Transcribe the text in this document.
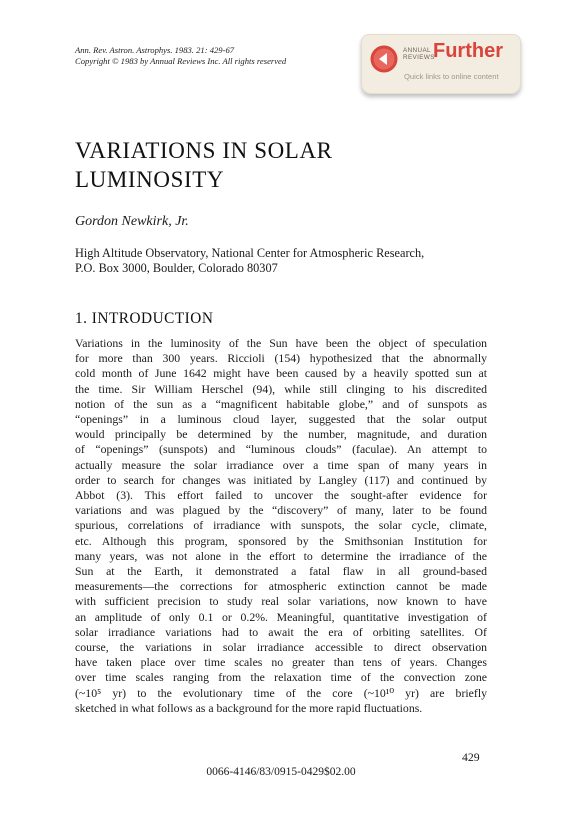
Ann. Rev. Astron. Astrophys. 1983. 21: 429-67
Copyright © 1983 by Annual Reviews Inc. All rights reserved
ANNUAL
REVIEWS
Further
Quick links to online content
VARIATIONS IN SOLAR
LUMINOSITY
Gordon Newkirk, Jr.
High Altitude Observatory, National Center for Atmospheric Research,
P.O. Box 3000, Boulder, Colorado 80307
1. INTRODUCTION
Variations in the luminosity of the Sun have been the object of speculation
for more than 300 years. Riccioli (154) hypothesized that the abnormally
cold month of June 1642 might have been caused by a heavily spotted sun at
the time. Sir William Herschel (94), while still clinging to his discredited
notion of the sun as a “magnificent habitable globe,” and of sunspots as
“openings” in a luminous cloud layer, suggested that the solar output
would principally be determined by the number, magnitude, and duration
of “openings” (sunspots) and “luminous clouds” (faculae). An attempt to
actually measure the solar irradiance over a time span of many years in
order to search for changes was initiated by Langley (117) and continued by
Abbot (3). This effort failed to uncover the sought-after evidence for
variations and was plagued by the “discovery” of many, later to be found
spurious, correlations of irradiance with sunspots, the solar cycle, climate,
etc. Although this program, sponsored by the Smithsonian Institution for
many years, was not alone in the effort to determine the irradiance of the
Sun at the Earth, it demonstrated a fatal flaw in all ground-based
measurements—the corrections for atmospheric extinction cannot be made
with sufficient precision to study real solar variations, now known to have
an amplitude of only 0.1 or 0.2%. Meaningful, quantitative investigation of
solar irradiance variations had to await the era of orbiting satellites. Of
course, the variations in solar irradiance accessible to direct observation
have taken place over time scales no greater than tens of years. Changes
over time scales ranging from the relaxation time of the convection zone
(~10⁵ yr) to the evolutionary time of the core (~10¹⁰ yr) are briefly
sketched in what follows as a background for the more rapid fluctuations.
429
0066-4146/83/0915-0429$02.00
